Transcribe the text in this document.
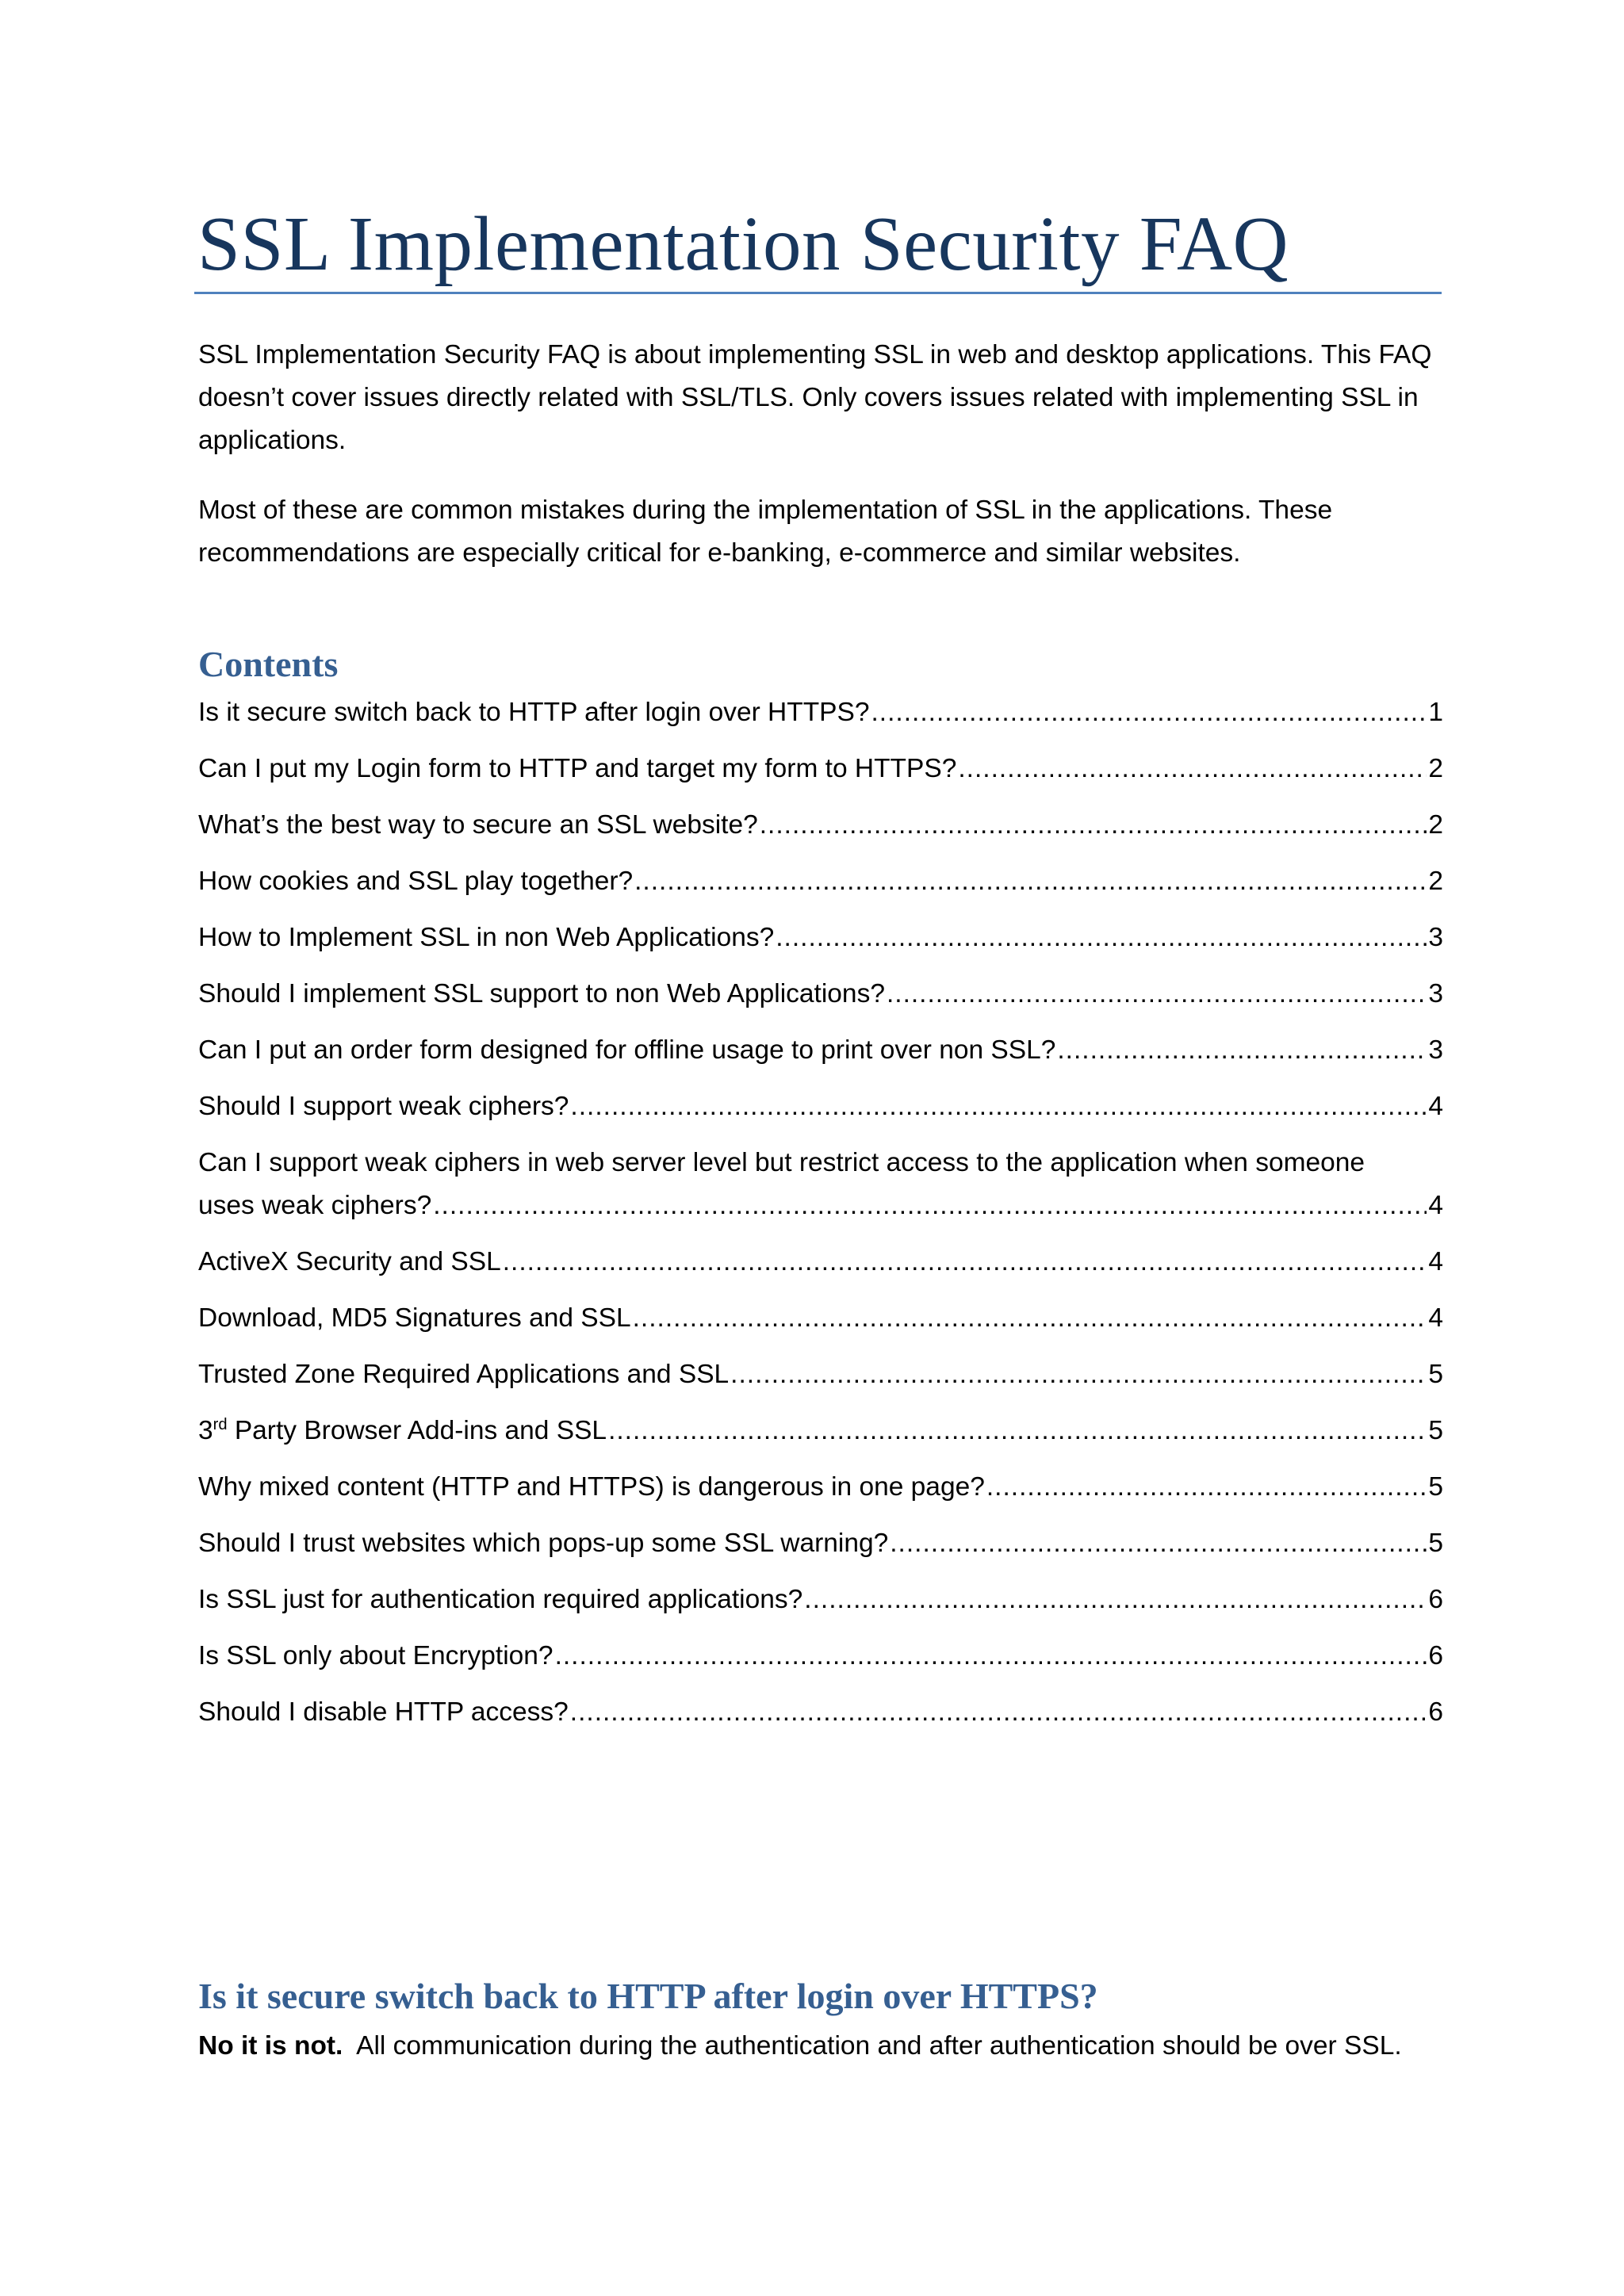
SSL Implementation Security FAQ

SSL Implementation Security FAQ is about implementing SSL in web and desktop applications. This FAQ doesn’t cover issues directly related with SSL/TLS. Only covers issues related with implementing SSL in applications.

Most of these are common mistakes during the implementation of SSL in the applications. These recommendations are especially critical for e-banking, e-commerce and similar websites.

Contents
Is it secure switch back to HTTP after login over HTTPS? .....	1
Can I put my Login form to HTTP and target my form to HTTPS? .....	2
What’s the best way to secure an SSL website? .....	2
How cookies and SSL play together? .....	2
How to Implement SSL in non Web Applications? .....	3
Should I implement SSL support to non Web Applications? .....	3
Can I put an order form designed for offline usage to print over non SSL? .....	3
Should I support weak ciphers? .....	4
Can I support weak ciphers in web server level but restrict access to the application when someone
uses weak ciphers? .....	4
ActiveX Security and SSL .....	4
Download, MD5 Signatures and SSL .....	4
Trusted Zone Required Applications and SSL .....	5
3rd Party Browser Add-ins and SSL .....	5
Why mixed content (HTTP and HTTPS) is dangerous in one page? .....	5
Should I trust websites which pops-up some SSL warning? .....	5
Is SSL just for authentication required applications? .....	6
Is SSL only about Encryption? .....	6
Should I disable HTTP access? .....	6
Is it secure switch back to HTTP after login over HTTPS?

No it is not.  All communication during the authentication and after authentication should be over SSL.
